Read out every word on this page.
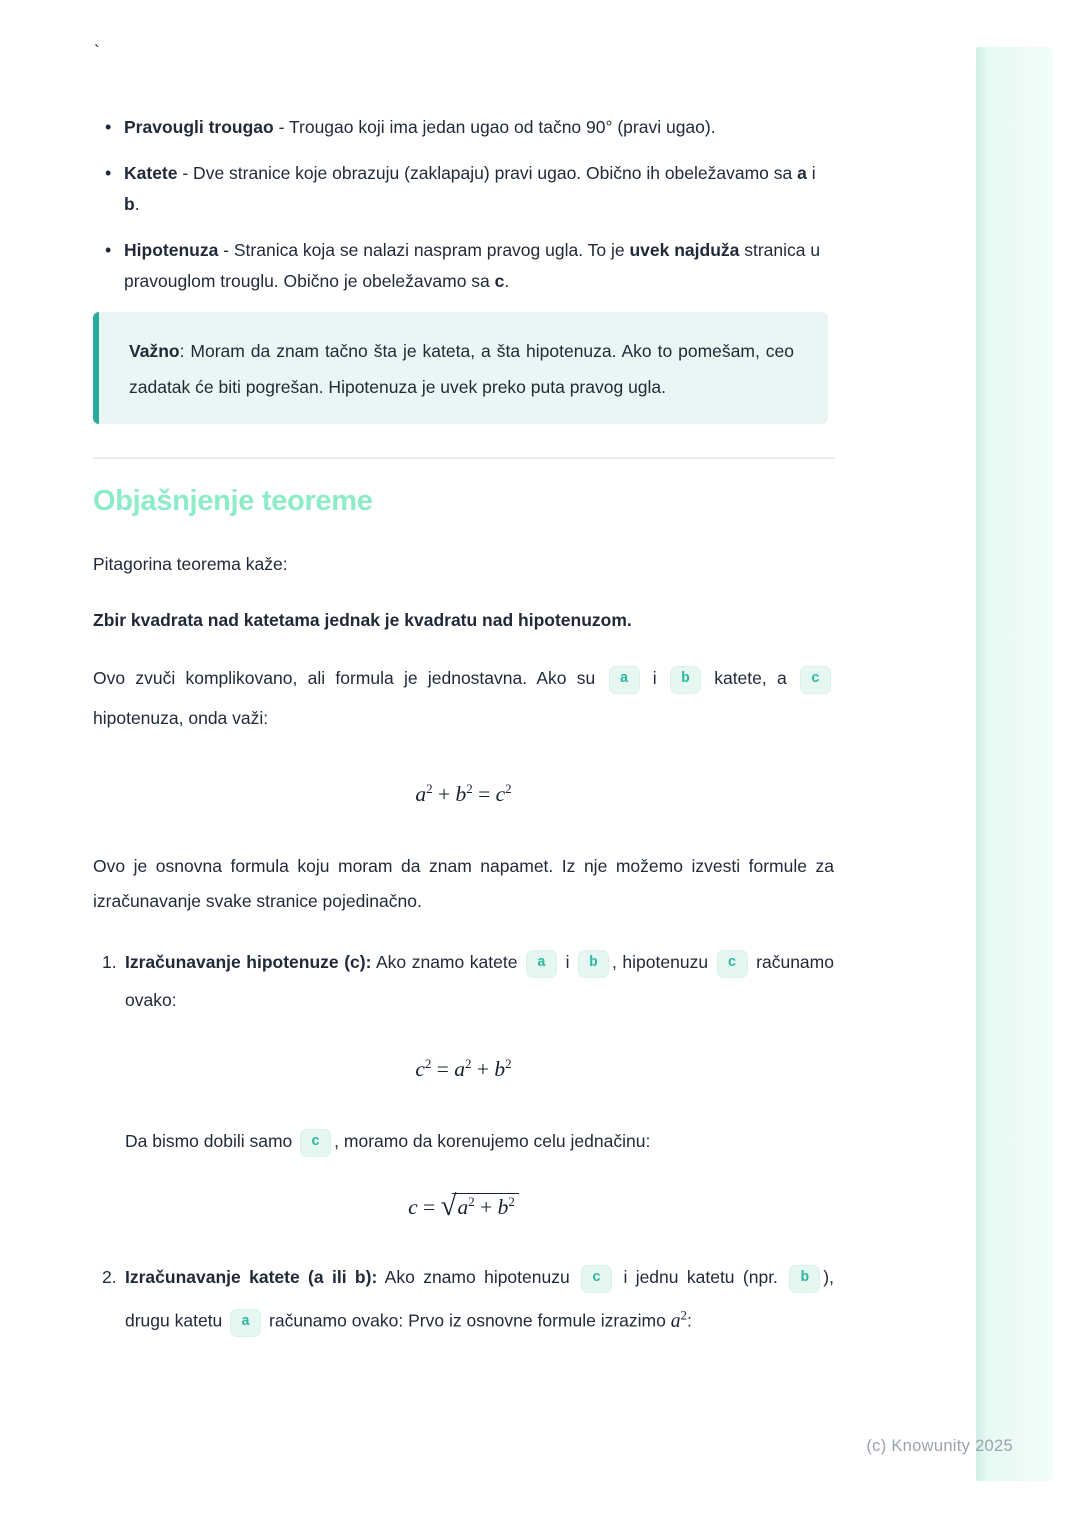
`
• Pravougli trougao - Trougao koji ima jedan ugao od tačno 90° (pravi ugao).
• Katete - Dve stranice koje obrazuju (zaklapaju) pravi ugao. Obično ih obeležavamo sa a i b.
• Hipotenuza - Stranica koja se nalazi naspram pravog ugla. To je uvek najduža stranica u pravouglom trouglu. Obično je obeležavamo sa c.

Važno: Moram da znam tačno šta je kateta, a šta hipotenuza. Ako to pomešam, ceo zadatak će biti pogrešan. Hipotenuza je uvek preko puta pravog ugla.

Objašnjenje teoreme

Pitagorina teorema kaže:

Zbir kvadrata nad katetama jednak je kvadratu nad hipotenuzom.

Ovo zvuči komplikovano, ali formula je jednostavna. Ako su a i b katete, a c hipotenuza, onda važi:

$a^2 + b^2 = c^2$

Ovo je osnovna formula koju moram da znam napamet. Iz nje možemo izvesti formule za izračunavanje svake stranice pojedinačno.

1. Izračunavanje hipotenuze (c): Ako znamo katete a i b , hipotenuzu c računamo ovako:
$c^2 = a^2 + b^2$

Da bismo dobili samo c , moramo da korenujemo celu jednačinu:

$c = √a^2 + b^2$
2. Izračunavanje katete (a ili b): Ako znamo hipotenuzu c i jednu katetu (npr. b ), drugu katetu a računamo ovako: Prvo iz osnovne formule izrazimo $a^2$:
(c) Knowunity 2025
